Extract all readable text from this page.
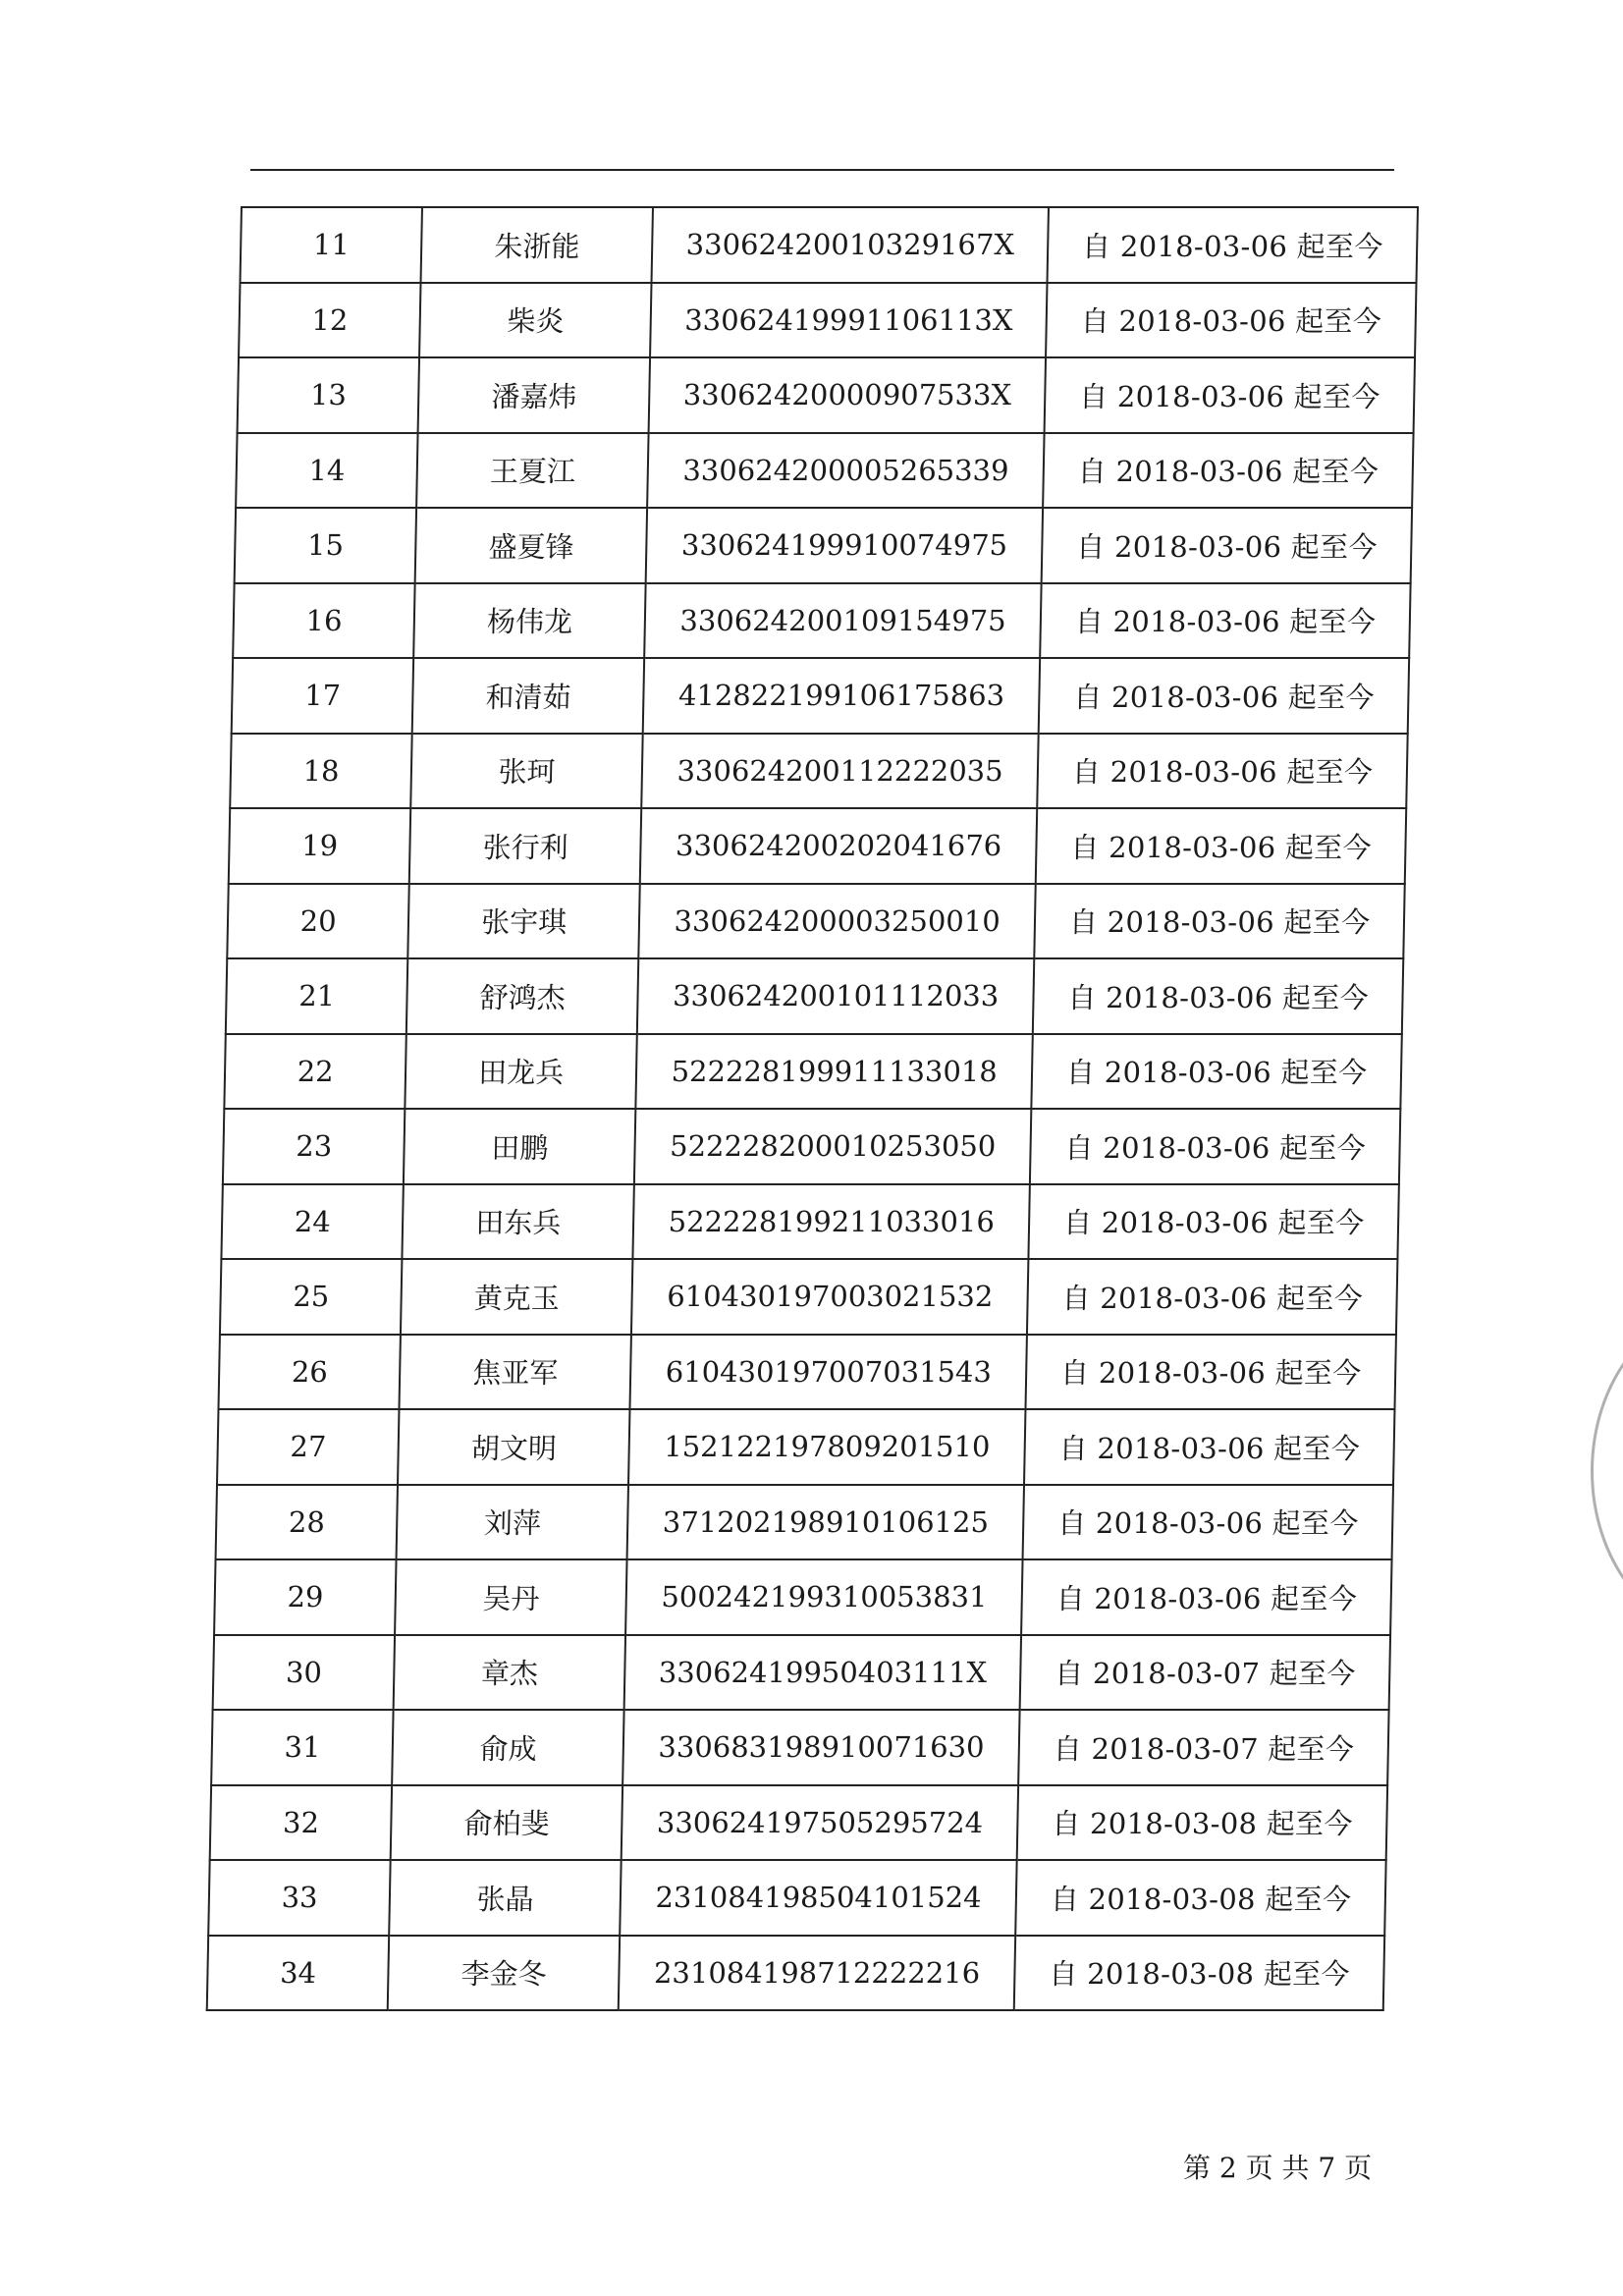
11	朱浙能	33062420010329167X	自 2018-03-06 起至今
12	柴炎	33062419991106113X	自 2018-03-06 起至今
13	潘嘉炜	33062420000907533X	自 2018-03-06 起至今
14	王夏江	330624200005265339	自 2018-03-06 起至今
15	盛夏锋	330624199910074975	自 2018-03-06 起至今
16	杨伟龙	330624200109154975	自 2018-03-06 起至今
17	和清茹	412822199106175863	自 2018-03-06 起至今
18	张珂	330624200112222035	自 2018-03-06 起至今
19	张行利	330624200202041676	自 2018-03-06 起至今
20	张宇琪	330624200003250010	自 2018-03-06 起至今
21	舒鸿杰	330624200101112033	自 2018-03-06 起至今
22	田龙兵	522228199911133018	自 2018-03-06 起至今
23	田鹏	522228200010253050	自 2018-03-06 起至今
24	田东兵	522228199211033016	自 2018-03-06 起至今
25	黄克玉	610430197003021532	自 2018-03-06 起至今
26	焦亚军	610430197007031543	自 2018-03-06 起至今
27	胡文明	152122197809201510	自 2018-03-06 起至今
28	刘萍	371202198910106125	自 2018-03-06 起至今
29	吴丹	500242199310053831	自 2018-03-06 起至今
30	章杰	33062419950403111X	自 2018-03-07 起至今
31	俞成	330683198910071630	自 2018-03-07 起至今
32	俞柏斐	330624197505295724	自 2018-03-08 起至今
33	张晶	231084198504101524	自 2018-03-08 起至今
34	李金冬	231084198712222216	自 2018-03-08 起至今
第 2 页 共 7 页
